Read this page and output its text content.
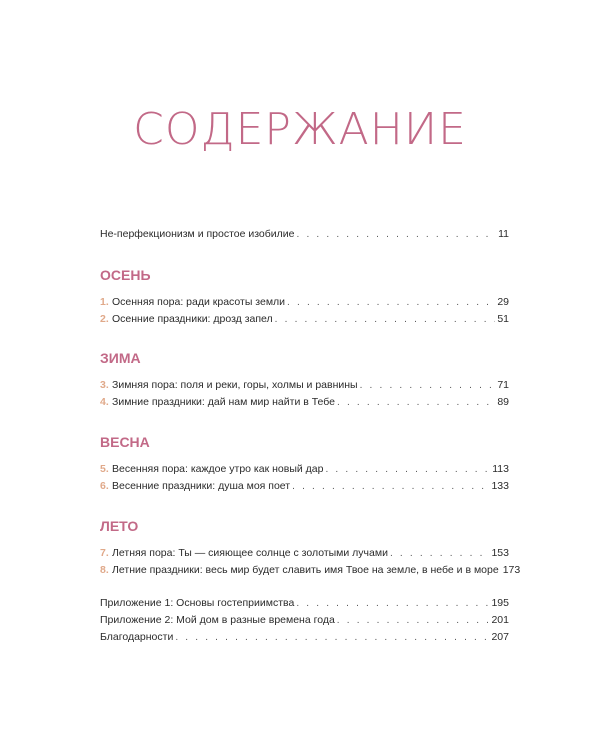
СОДЕРЖАНИЕ
Не-перфекционизм и простое изобилие . . .	11
ОСЕНЬ
1. Осенняя пора: ради красоты земли . . .	29
2. Осенние праздники: дрозд запел . . .	51
ЗИМА
3. Зимняя пора: поля и реки, горы, холмы и равнины . . .	71
4. Зимние праздники: дай нам мир найти в Тебе . . .	89
ВЕСНА
5. Весенняя пора: каждое утро как новый дар . . .	113
6. Весенние праздники: душа моя поет . . .	133
ЛЕТО
7. Летняя пора: Ты — сияющее солнце с золотыми лучами . . .	153
8. Летние праздники: весь мир будет славить имя Твое на земле, в небе и в море 173
Приложение 1: Основы гостеприимства . . .	195
Приложение 2: Мой дом в разные времена года . . .	201
Благодарности . . .	207
